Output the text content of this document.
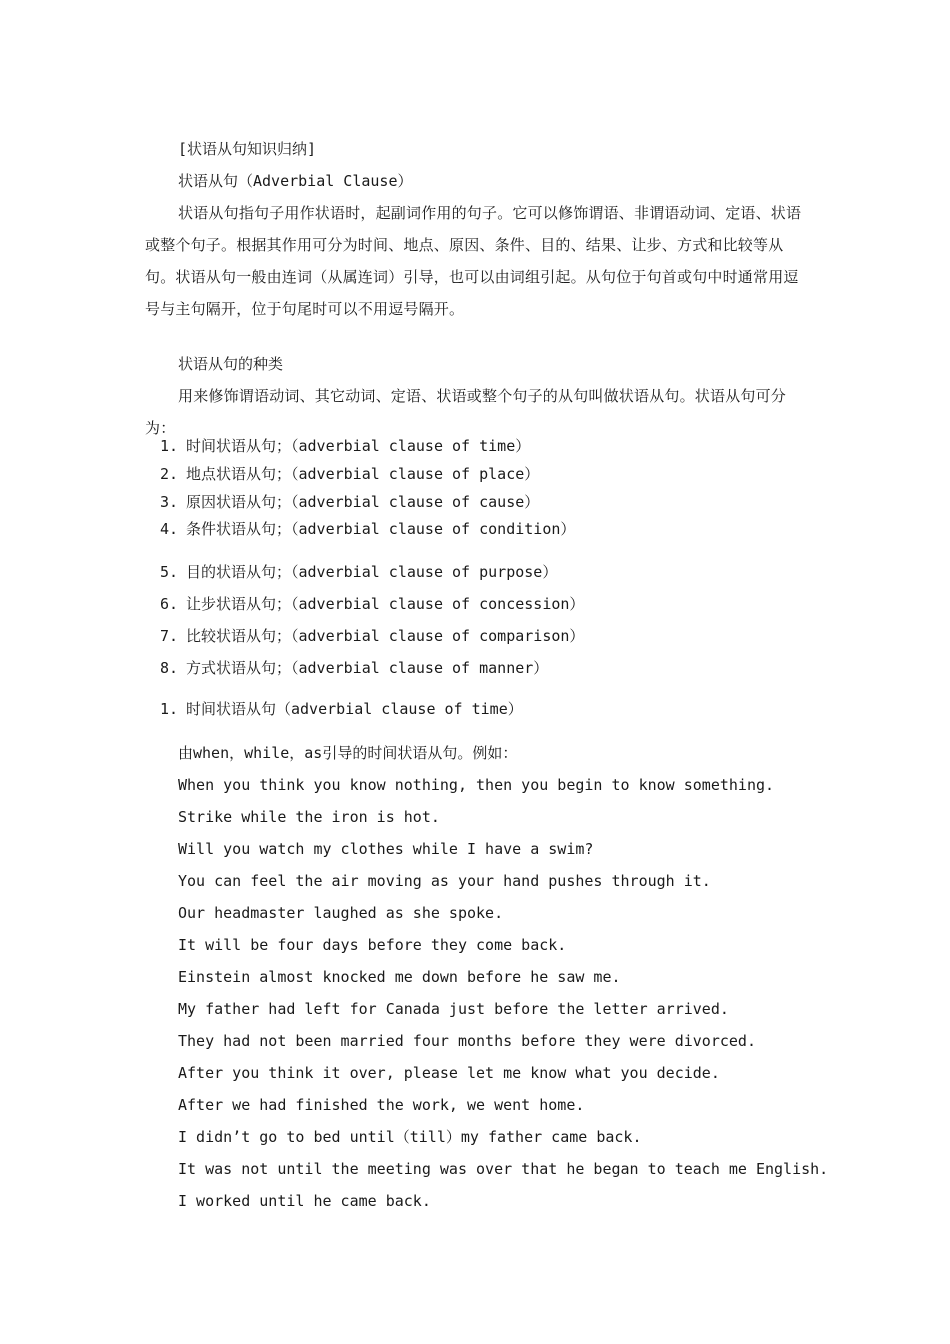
[状语从句知识归纳]
状语从句（Adverbial Clause）
状语从句指句子用作状语时，起副词作用的句子。它可以修饰谓语、非谓语动词、定语、状语或整个句子。根据其作用可分为时间、地点、原因、条件、目的、结果、让步、方式和比较等从句。状语从句一般由连词（从属连词）引导，也可以由词组引起。从句位于句首或句中时通常用逗号与主句隔开，位于句尾时可以不用逗号隔开。
状语从句的种类
用来修饰谓语动词、其它动词、定语、状语或整个句子的从句叫做状语从句。状语从句可分为：
1. 时间状语从句；（adverbial clause of time）
2. 地点状语从句；（adverbial clause of place）
3. 原因状语从句；（adverbial clause of cause）
4. 条件状语从句；（adverbial clause of condition）
5. 目的状语从句；（adverbial clause of purpose）
6. 让步状语从句；（adverbial clause of concession）
7. 比较状语从句；（adverbial clause of comparison）
8. 方式状语从句；（adverbial clause of manner）
1. 时间状语从句（adverbial clause of time）
由when，while，as引导的时间状语从句。例如：
When you think you know nothing, then you begin to know something.
Strike while the iron is hot.
Will you watch my clothes while I have a swim?
You can feel the air moving as your hand pushes through it.
Our headmaster laughed as she spoke.
It will be four days before they come back.
Einstein almost knocked me down before he saw me.
My father had left for Canada just before the letter arrived.
They had not been married four months before they were divorced.
After you think it over, please let me know what you decide.
After we had finished the work, we went home.
I didn’t go to bed until（till）my father came back.
It was not until the meeting was over that he began to teach me English.
I worked until he came back.
